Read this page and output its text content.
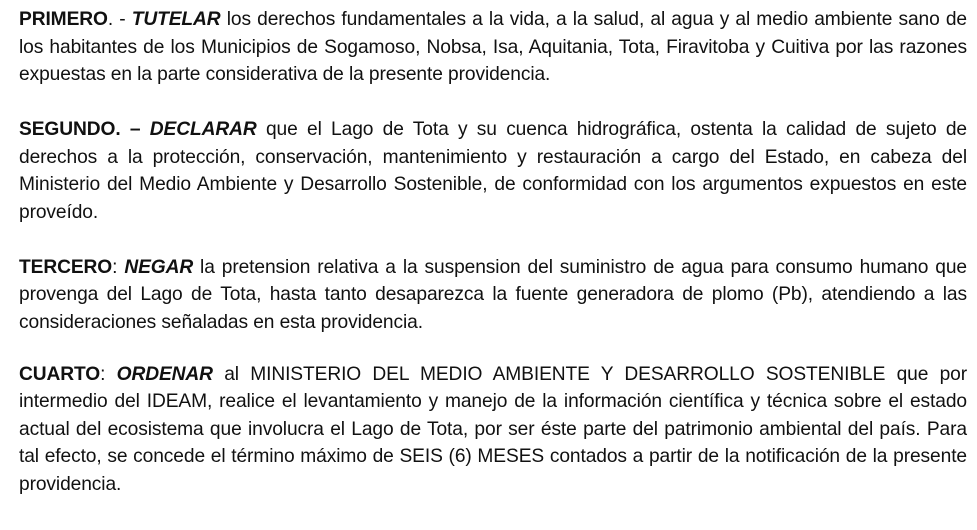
PRIMERO. - TUTELAR los derechos fundamentales a la vida, a la salud, al agua y al medio ambiente sano de los habitantes de los Municipios de Sogamoso, Nobsa, Isa, Aquitania, Tota, Firavitoba y Cuitiva por las razones expuestas en la parte considerativa de la presente providencia.

SEGUNDO. – DECLARAR que el Lago de Tota y su cuenca hidrográfica, ostenta la calidad de sujeto de derechos a la protección, conservación, mantenimiento y restauración a cargo del Estado, en cabeza del Ministerio del Medio Ambiente y Desarrollo Sostenible, de conformidad con los argumentos expuestos en este proveído.

TERCERO: NEGAR la pretension relativa a la suspension del suministro de agua para consumo humano que provenga del Lago de Tota, hasta tanto desaparezca la fuente generadora de plomo (Pb), atendiendo a las consideraciones señaladas en esta providencia.

CUARTO: ORDENAR al MINISTERIO DEL MEDIO AMBIENTE Y DESARROLLO SOSTENIBLE que por intermedio del IDEAM, realice el levantamiento y manejo de la información científica y técnica sobre el estado actual del ecosistema que involucra el Lago de Tota, por ser éste parte del patrimonio ambiental del país. Para tal efecto, se concede el término máximo de SEIS (6) MESES contados a partir de la notificación de la presente providencia.
